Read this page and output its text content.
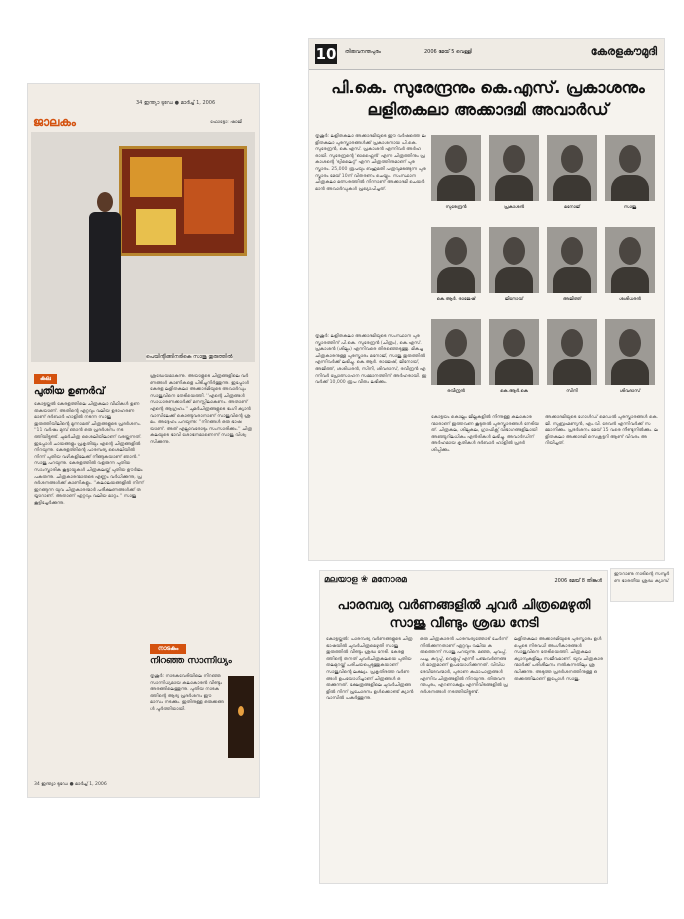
34 ഇന്ത്യാ ടുഡേ ● മാർച്ച് 1, 2006
ജാലകം	ഫോട്ടോ: ഷാജി
പെയിന്റിങ്ങിനരികെ സാജു തുരുത്തിൽ
കല
പുതിയ ഉണർവ്
കോട്ടയ്ക്കൽ കേരളത്തിലെ ചിത്രകലാ വീഥികൾ ഉണരുകയാണ്. അതിന്റെ എറ്റവും വലിയ ഉദാഹരണമാണ് ദർബാർ ഹാളിൽ നടന്ന സാജു തുരുത്തിയിലിന്റെ മൂന്നാമത് ചിത്രങ്ങളുടെ പ്രദർശനം. ''11 വർഷം മുമ്പ് ഞാൻ ഒരു പ്രദർശനം നടത്തിയിട്ടുണ്ട്. ചുമർചിത്ര ശൈലിയിലാണ് വരയ്ക്കുന്നത്. ഇപ്പോൾ ചായങ്ങളും പ്രകൃതിയും എന്റെ ചിത്രങ്ങളിൽ നിറയുന്നു. കേരളത്തിന്റെ പാരമ്പര്യ ശൈലിയിൽ നിന്ന് പുതിയ വഴികളിലേക്ക് നീങ്ങുകയാണ് ഞാൻ.'' സാജു പറയുന്നു. കേരളത്തിൽ വളരുന്ന പുതിയ സാംസ്കാരിക കൂട്ടായ്മകൾ ചിത്രകലയ്ക്ക് പുതിയ ഊർജം പകരുന്നു. ചിത്രകാരന്മാരുടെ എണ്ണം വർധിക്കുന്നു, പ്രദർശനങ്ങൾക്ക് കാണികളും. ''കലാലയങ്ങളിൽ നിന്ന് ഇറങ്ങുന്ന യുവ ചിത്രകാരന്മാർ പരീക്ഷണങ്ങൾക്ക് തയ്യാറാണ്. അതാണ് ഏറ്റവും വലിയ മാറ്റം.'' സാജു കൂട്ടിച്ചേർക്കുന്നു.
ശ്രദ്ധേയമാകുന്നു. അയാളുടെ ചിത്രങ്ങളിലെ വർണങ്ങൾ കാണികളെ പിടിച്ചുനിർത്തുന്നു. ഇപ്പോൾ കേരള ലളിതകലാ അക്കാദമിയുടെ അവാർഡും സാജുവിനെ തേടിയെത്തി. ''എന്റെ ചിത്രങ്ങൾ സാധാരണക്കാർക്ക് മനസ്സിലാകണം. അതാണ് എന്റെ ആഗ്രഹം.'' ചുമർചിത്രങ്ങളുടെ ഭംഗി ക്യാൻവാസിലേക്ക് കൊണ്ടുവരാനാണ് സാജുവിന്റെ ശ്രമം. അദ്ദേഹം പറയുന്നു: ''നിറങ്ങൾ ഒരു ഭാഷയാണ്. അത് എല്ലാവരോടും സംസാരിക്കും.'' ചിത്രകലയുടെ ഭാവി ശോഭനമാണെന്ന് സാജു വിശ്വസിക്കുന്നു.
നാടകം
നിറഞ്ഞ സാന്നിധ്യം
തൃശൂർ: നാടകവേദിയിലെ നിറഞ്ഞ സാന്നിധ്യമായ കലാകാരൻ വീണ്ടും അരങ്ങിലെത്തുന്നു. പുതിയ നാടകത്തിന്റെ ആദ്യ പ്രദർശനം ഈ മാസം നടക്കും. ഇതിനുള്ള ഒരുക്കങ്ങൾ പൂർത്തിയായി.
34 ഇന്ത്യാ ടുഡേ ● മാർച്ച് 1, 2006
10 തിരുവനന്തപുരം	2006 മേയ് 5 വെള്ളി	കേരളകൗമുദി
പി.കെ. സുരേന്ദ്രനും കെ.എസ്. പ്രകാശനും ലളിതകലാ അക്കാദമി അവാർഡ്
തൃശൂർ: ലളിതകലാ അക്കാദമിയുടെ ഈ വർഷത്തെ ലളിതകലാ പുരസ്കാരങ്ങൾക്ക് പ്രകാശനായ പി.കെ. സുരേന്ദ്രൻ, കെ.എസ്. പ്രകാശൻ എന്നിവർ അർഹരായി. സുരേന്ദ്രന്റെ 'ഓഫ്ലൈൻ' എന്ന ചിത്രത്തിനും പ്രകാശന്റെ 'ട്വിലൈറ്റ്' എന്ന ചിത്രത്തിനുമാണ് പുരസ്കാരം. 25,000 രൂപയും ബഹുമതി പത്രവുമടങ്ങുന്ന പുരസ്കാരം മേയ് 10ന് വിതരണം ചെയ്യും. സംസ്ഥാന ചിത്രകലാ മത്സരത്തിൽ നിന്നാണ് അക്കാദമി ചെയർമാൻ അവാർഡുകൾ പ്രഖ്യാപിച്ചത്.
സുരേന്ദ്രൻ	പ്രകാശൻ	മനോജ്	സാജു
കെ.ആർ. രാജേഷ്	ജിനോയ്	അജിത്ത്	ശശിധരൻ
കെ.ആർ.കെ	സിനി	ശിവദാസ്
രവീന്ദ്രൻ
തൃശൂർ: ലളിതകലാ അക്കാദമിയുടെ സംസ്ഥാന പുരസ്കാരത്തിന് പി.കെ. സുരേന്ദ്രൻ (ചിത്രം), കെ.എസ്. പ്രകാശൻ (ശില്പം) എന്നിവരെ തിരഞ്ഞെടുത്തു. മികച്ച ചിത്രകാരനുള്ള പുരസ്കാരം മനോജ്, സാജു തുരുത്തിൽ എന്നിവർക്ക് ലഭിച്ചു. കെ.ആർ. രാജേഷ്, ജിനോയ്, അജിത്ത്, ശശിധരൻ, സിനി, ശിവദാസ്, രവീന്ദ്രൻ എന്നിവർ പ്രോത്സാഹന സമ്മാനത്തിന് അർഹരായി. ഇവർക്ക് 10,000 രൂപ വീതം ലഭിക്കും.
കോട്ടയം കൊല്ലം ജില്ലകളിൽ നിന്നുള്ള കലാകാരന്മാരാണ് ഇത്തവണ കൂടുതൽ പുരസ്കാരങ്ങൾ നേടിയത്. ചിത്രകല, ശില്പകല, ഗ്രാഫിക്സ് വിഭാഗങ്ങളിലായി അഞ്ഞൂറിലധികം എൻട്രികൾ ലഭിച്ചു. അവാർഡിന് അർഹമായ കൃതികൾ ദർബാർ ഹാളിൽ പ്രദർശിപ്പിക്കും.
അക്കാദമിയുടെ ഗോൾഡ് മെഡൽ പുരസ്കാരങ്ങൾ കെ.ജി. സുബ്രഹ്മണ്യൻ, എം.വി. ദേവൻ എന്നിവർക്ക് സമ്മാനിക്കും. പ്രദർശനം മേയ് 15 വരെ നീണ്ടുനിൽക്കും. ലളിതകലാ അക്കാദമി സെക്രട്ടറി ആണ് വിവരം അറിയിച്ചത്.
മലയാള ❀ മനോരമ	2006 മേയ് 8 തിങ്കൾ
പാരമ്പര്യ വർണങ്ങളിൽ ചുവർ ചിത്രമെഴുതി സാജു വീണ്ടും ശ്രദ്ധ നേടി
കോട്ടയ്ക്കൽ: പാരമ്പര്യ വർണങ്ങളുടെ ചിത്രഭാഷയിൽ ചുവർചിത്രമെഴുതി സാജു തുരുത്തിൽ വീണ്ടും ശ്രദ്ധ നേടി. കേരളത്തിന്റെ തനത് ചുവർചിത്രകലയെ പുതിയ തലമുറയ്ക്ക് പരിചയപ്പെടുത്തുകയാണ് സാജുവിന്റെ ലക്ഷ്യം. പ്രകൃതിദത്ത വർണങ്ങൾ ഉപയോഗിച്ചാണ് ചിത്രങ്ങൾ ഒരുക്കുന്നത്. ക്ഷേത്രങ്ങളിലെ ചുവർചിത്രങ്ങളിൽ നിന്ന് പ്രചോദനം ഉൾക്കൊണ്ട് ക്യാൻവാസിൽ പകർത്തുന്നു.
ഒരു ചിത്രകാരൻ പാരമ്പര്യത്തോട് ചേർന്ന് നിൽക്കുന്നതാണ് ഏറ്റവും വലിയ കരുത്തെന്ന് സാജു പറയുന്നു. മഞ്ഞ, ചുവപ്പ്, പച്ച, കറുപ്പ്, വെളുപ്പ് എന്നീ പഞ്ചവർണങ്ങൾ മാത്രമാണ് ഉപയോഗിക്കുന്നത്. വിവിധ ദേവീദേവന്മാർ, പുരാണ കഥാപാത്രങ്ങൾ എന്നിവ ചിത്രങ്ങളിൽ നിറയുന്നു. തിരുവനന്തപുരം, എറണാകുളം എന്നിവിടങ്ങളിൽ പ്രദർശനങ്ങൾ നടത്തിയിട്ടുണ്ട്.
ലളിതകലാ അക്കാദമിയുടെ പുരസ്കാരം ഉൾപ്പെടെ നിരവധി അംഗീകാരങ്ങൾ സാജുവിനെ തേടിയെത്തി. ചിത്രകലാ ക്യാമ്പുകളിലും സജീവമാണ്. യുവ ചിത്രകാരന്മാർക്ക് പരിശീലനം നൽകുന്നതിലും ശ്രദ്ധിക്കുന്നു. അടുത്ത പ്രദർശനത്തിനുള്ള ഒരുക്കത്തിലാണ് ഇപ്പോൾ സാജു.
ഈറാണു നാടിന്റെ സമ്പൂർണ ഭാരതീയ ശ്രദ്ധ ക്യാമ്പ്
